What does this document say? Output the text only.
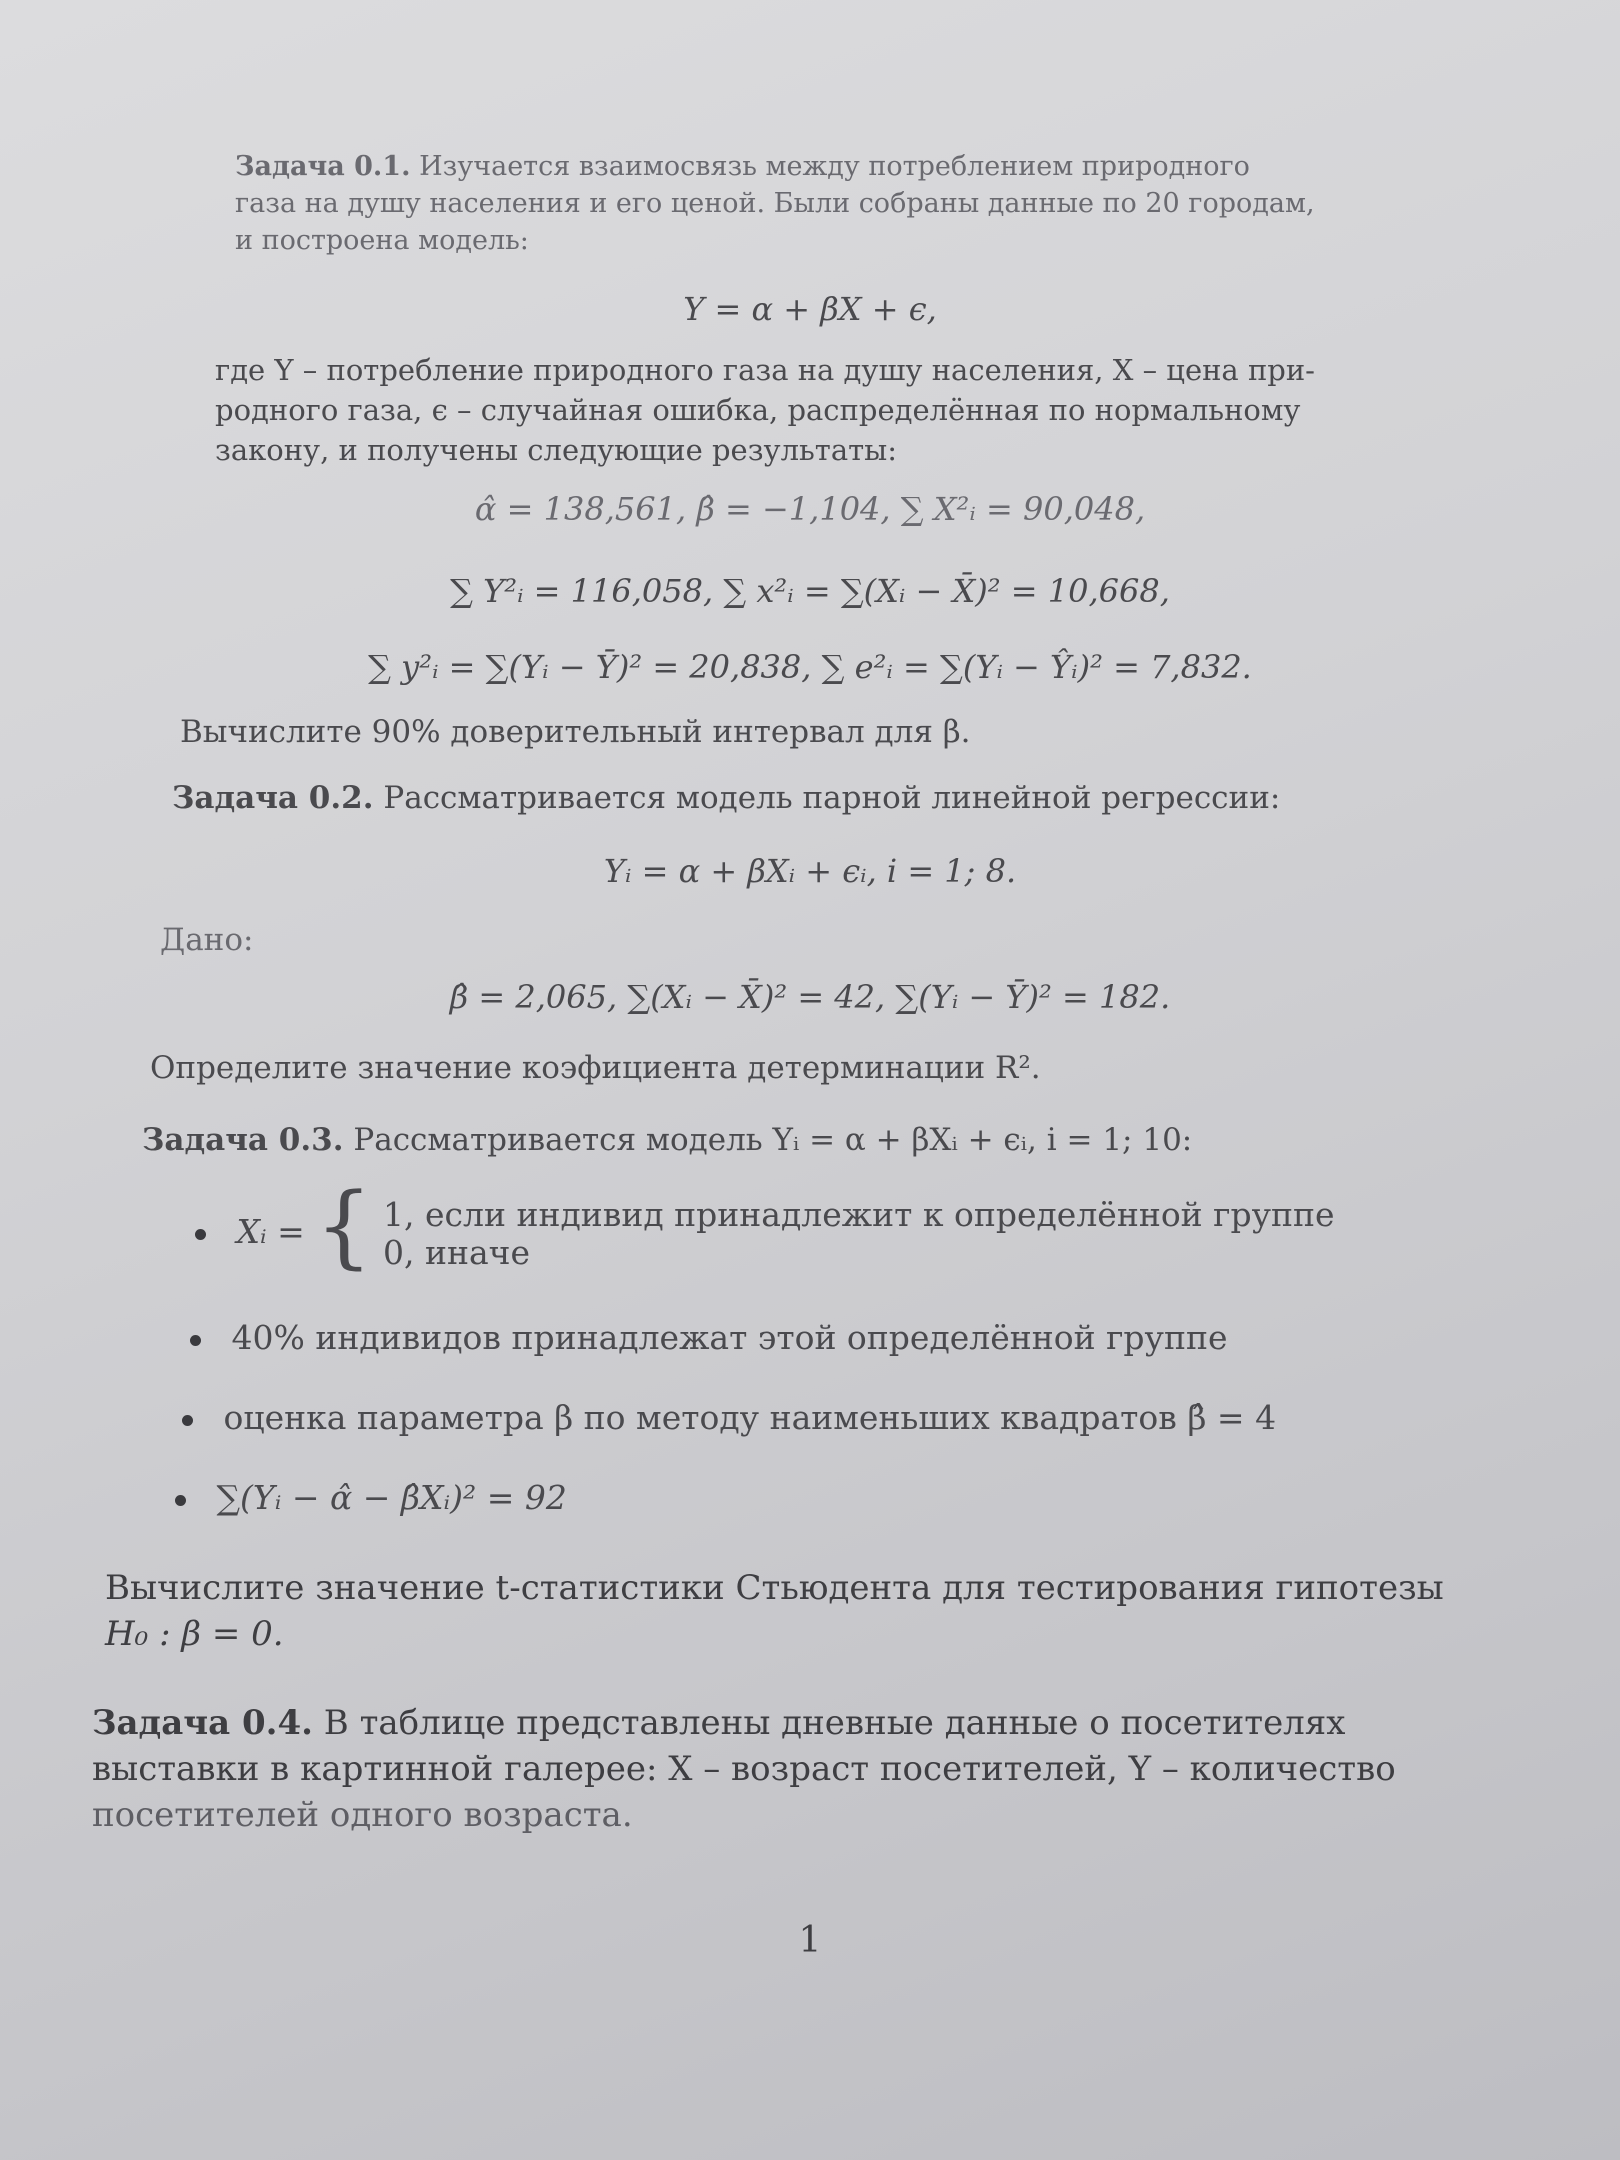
Задача 0.1. Изучается взаимосвязь между потреблением природного
газа на душу населения и его ценой. Были собраны данные по 20 городам,
и построена модель:

Y = α + βX + ϵ,

где Y – потребление природного газа на душу населения, X – цена при-
родного газа, ϵ – случайная ошибка, распределённая по нормальному
закону, и получены следующие результаты:

α̂ = 138,561, β̂ = −1,104, ∑ X²ᵢ = 90,048,
∑ Y²ᵢ = 116,058, ∑ x²ᵢ = ∑(Xᵢ − X̄)² = 10,668,
∑ y²ᵢ = ∑(Yᵢ − Ȳ)² = 20,838, ∑ e²ᵢ = ∑(Yᵢ − Ŷᵢ)² = 7,832.

Вычислите 90% доверительный интервал для β.

Задача 0.2. Рассматривается модель парной линейной регрессии:

Yᵢ = α + βXᵢ + ϵᵢ, i = 1; 8.

Дано:

β̂ = 2,065, ∑(Xᵢ − X̄)² = 42, ∑(Yᵢ − Ȳ)² = 182.

Определите значение коэфициента детерминации R².

Задача 0.3. Рассматривается модель Yᵢ = α + βXᵢ + ϵᵢ, i = 1; 10:

Xᵢ = { 1, если индивид принадлежит к определённой группе
0, иначе
40% индивидов принадлежат этой определённой группе
оценка параметра β по методу наименьших квадратов β̂ = 4
∑(Yᵢ − α̂ − β̂Xᵢ)² = 92

Вычислите значение t-статистики Стьюдента для тестирования гипотезы
H₀ : β = 0.

Задача 0.4. В таблице представлены дневные данные о посетителях
выставки в картинной галерее: X – возраст посетителей, Y – количество
посетителей одного возраста.

1
